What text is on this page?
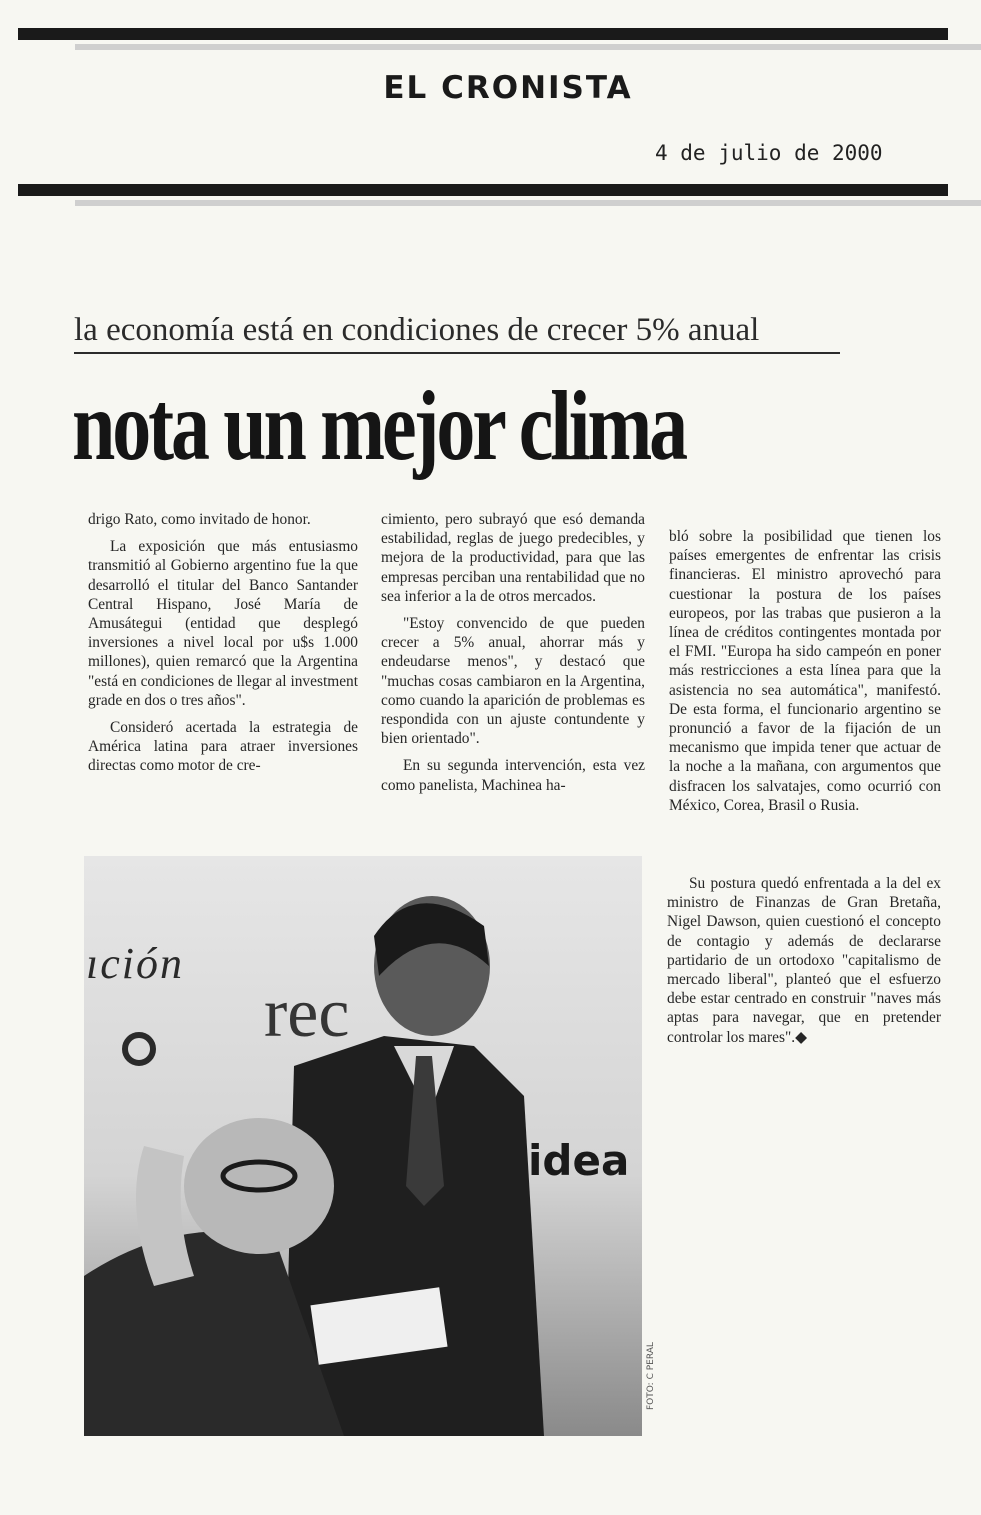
EL CRONISTA
4 de julio de 2000
la economía está en condiciones de crecer 5% anual
nota un mejor clima

drigo Rato, como invitado de honor.

La exposición que más entusiasmo transmitió al Gobierno argentino fue la que desarrolló el titular del Banco Santander Central Hispano, José María de Amusátegui (entidad que desplegó inversiones a nivel local por u$s 1.000 millones), quien remarcó que la Argentina "está en condiciones de llegar al investment grade en dos o tres años".

Consideró acertada la estrategia de América latina para atraer inversiones directas como motor de cre-

cimiento, pero subrayó que esó demanda estabilidad, reglas de juego predecibles, y mejora de la productividad, para que las empresas perciban una rentabilidad que no sea inferior a la de otros mercados.

"Estoy convencido de que pueden crecer a 5% anual, ahorrar más y endeudarse menos", y destacó que "muchas cosas cambiaron en la Argentina, como cuando la aparición de problemas es respondida con un ajuste contundente y bien orientado".

En su segunda intervención, esta vez como panelista, Machinea ha-

bló sobre la posibilidad que tienen los países emergentes de enfrentar las crisis financieras. El ministro aprovechó para cuestionar la postura de los países europeos, por las trabas que pusieron a la línea de créditos contingentes montada por el FMI. "Europa ha sido campeón en poner más restricciones a esta línea para que la asistencia no sea automática", manifestó. De esta forma, el funcionario argentino se pronunció a favor de la fijación de un mecanismo que impida tener que actuar de la noche a la mañana, con argumentos que disfracen los salvatajes, como ocurrió con México, Corea, Brasil o Rusia.

Su postura quedó enfrentada a la del ex ministro de Finanzas de Gran Bretaña, Nigel Dawson, quien cuestionó el concepto de contagio y además de declararse partidario de un ortodoxo "capitalismo de mercado liberal", planteó que el esfuerzo debe estar centrado en construir "naves más aptas para navegar, que en pretender controlar los mares".◆

ıción
rec
idea
FOTO: C PERAL
